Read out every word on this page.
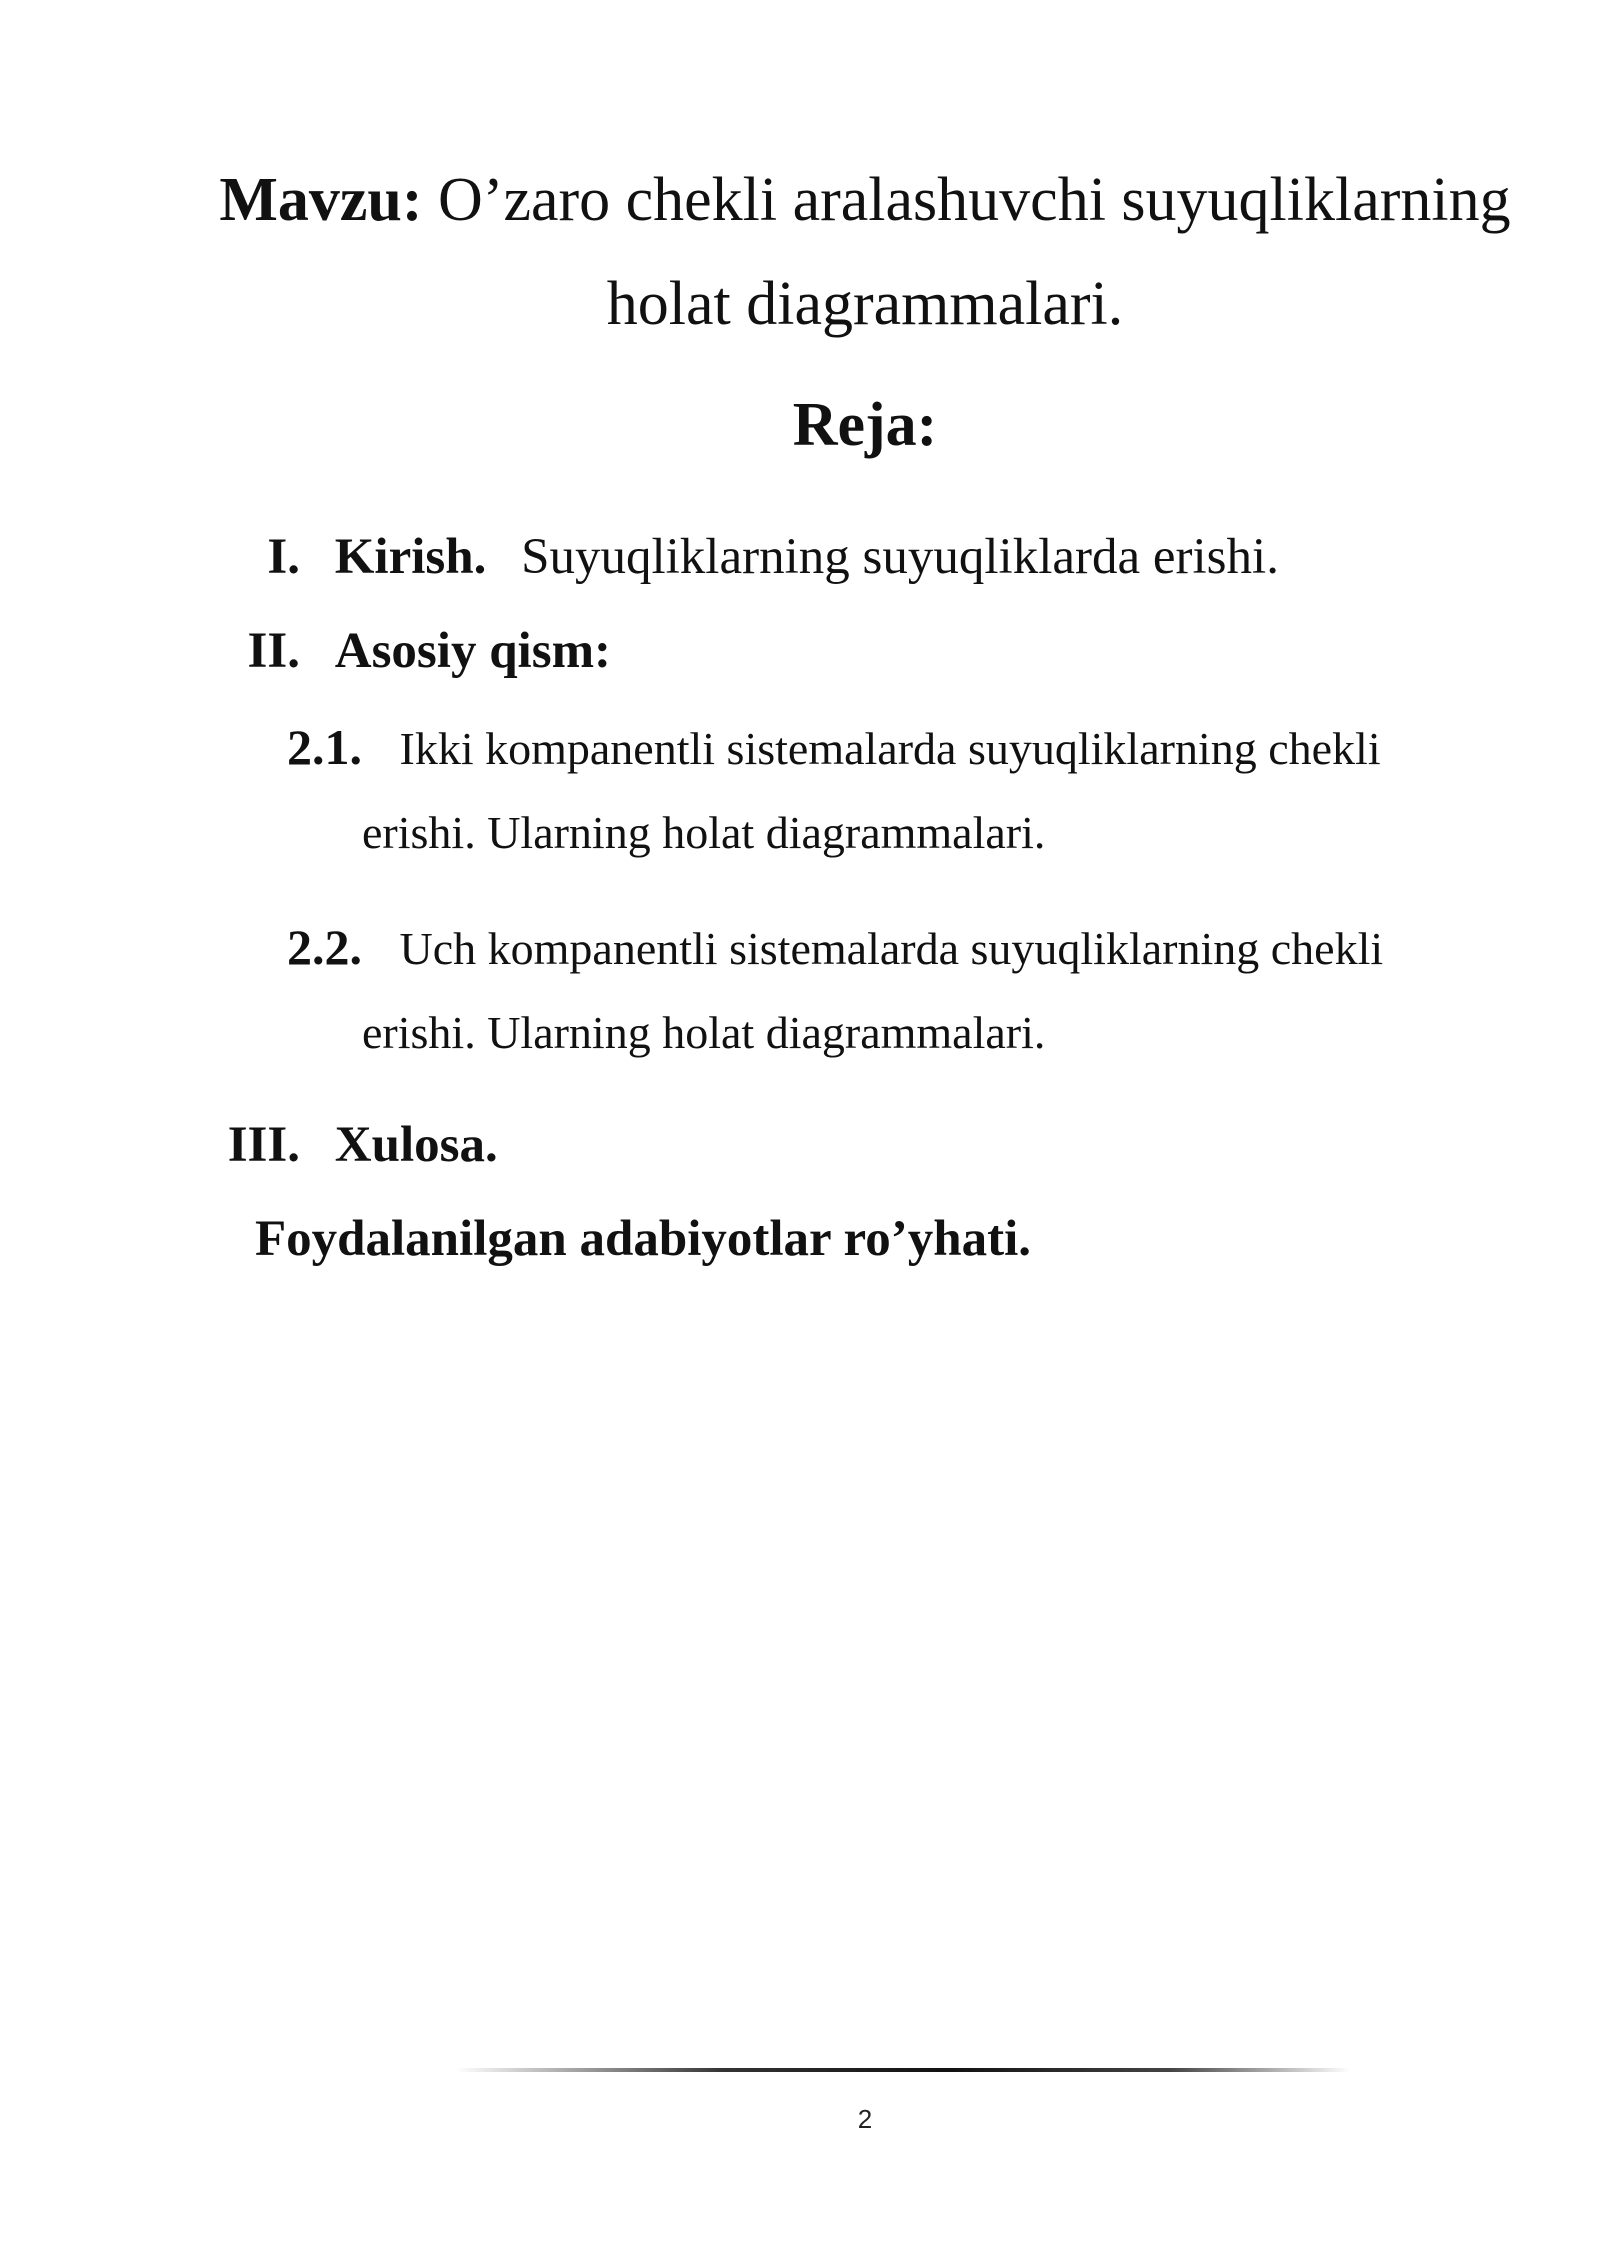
Mavzu: O’zaro chekli aralashuvchi suyuqliklarning
holat diagrammalari.
Reja:
I. Kirish. Suyuqliklarning suyuqliklarda erishi.
II. Asosiy qism:
2.1. Ikki kompanentli sistemalarda suyuqliklarning chekli
erishi. Ularning holat diagrammalari.
2.2. Uch kompanentli sistemalarda suyuqliklarning chekli
erishi. Ularning holat diagrammalari.
III. Xulosa.
Foydalanilgan adabiyotlar ro’yhati.
2
